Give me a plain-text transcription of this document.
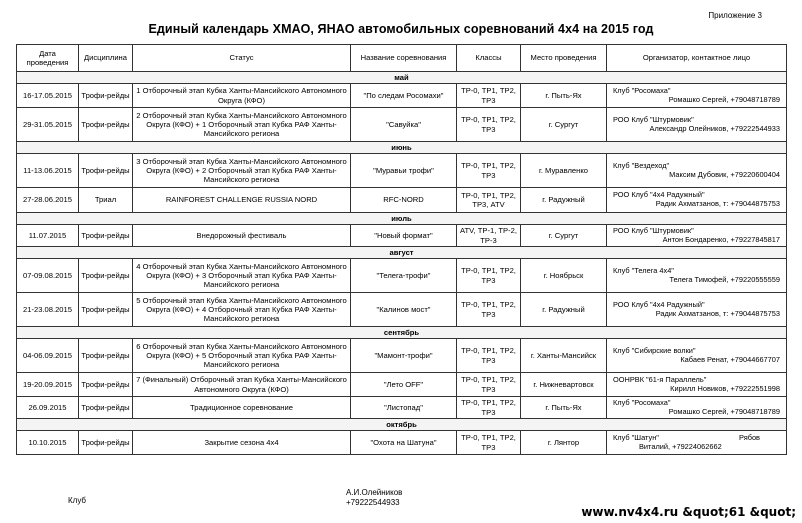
Приложение 3
Единый календарь ХМАО, ЯНАО автомобильных соревнований 4х4 на 2015 год
Дата проведения	Дисциплина	Статус	Название соревнования	Классы	Место проведения	Организатор, контактное лицо
май						
16-17.05.2015	Трофи-рейды	1 Отборочный этап Кубка Ханты-Мансийского Автономного Округа (КФО)	"По следам Росомахи"	ТР-0, ТР1, ТР2, ТР3	г. Пыть-Ях	Клуб "Росомаха"
Ромашко Сергей, +79048718789

29-31.05.2015	Трофи-рейды	2 Отборочный этап Кубка Ханты-Мансийского Автономного Округа (КФО) + 1 Отборочный этап Кубка РАФ Ханты-Мансийского региона	"Савуйка"	ТР-0, ТР1, ТР2, ТР3	г. Сургут	РОО Клуб "Штурмовик"
Александр Олейников, +79222544933

июнь						
11-13.06.2015	Трофи-рейды	3 Отборочный этап Кубка Ханты-Мансийского Автономного Округа (КФО) + 2 Отборочный этап Кубка РАФ Ханты-Мансийского региона	"Муравьи трофи"	ТР-0, ТР1, ТР2, ТР3	г. Муравленко	Клуб "Вездеход"
Максим Дубовик, +79220600404

27-28.06.2015	Триал	RAINFOREST CHALLENGE RUSSIA NORD	RFC-NORD	ТР-0, ТР1, ТР2, ТР3, ATV	г. Радужный	РОО Клуб "4х4 Радужный"
Радик Ахматзанов, т: +79044875753

июль						
11.07.2015	Трофи-рейды	Внедорожный фестиваль	"Новый формат"	ATV, ТР-1, ТР-2, ТР-3	г. Сургут	РОО Клуб "Штурмовик"
Антон Бондаренко, +79227845817

август						
07-09.08.2015	Трофи-рейды	4 Отборочный этап Кубка Ханты-Мансийского Автономного Округа (КФО) + 3 Отборочный этап Кубка РАФ Ханты-Мансийского региона	"Телега-трофи"	ТР-0, ТР1, ТР2, ТР3	г. Ноябрьск	Клуб "Телега 4х4"
Телега Тимофей, +79220555559

21-23.08.2015	Трофи-рейды	5 Отборочный этап Кубка Ханты-Мансийского Автономного Округа (КФО) + 4 Отборочный этап Кубка РАФ Ханты-Мансийского региона	"Калинов мост"	ТР-0, ТР1, ТР2, ТР3	г. Радужный	РОО Клуб "4х4 Радужный"
Радик Ахматзанов, т: +79044875753

сентябрь						
04-06.09.2015	Трофи-рейды	6 Отборочный этап Кубка Ханты-Мансийского Автономного Округа (КФО) + 5 Отборочный этап Кубка РАФ Ханты-Мансийского региона	"Мамонт-трофи"	ТР-0, ТР1, ТР2, ТР3	г. Ханты-Мансийск	Клуб "Сибирские волки"
Кабаев Ренат, +79044667707

19-20.09.2015	Трофи-рейды	7 (Финальный) Отборочный этап Кубка Ханты-Мансийского Автономного Округа (КФО)	"Лето OFF"	ТР-0, ТР1, ТР2, ТР3	г. Нижневартовск	ООНРВК "61-я Параллель"
Кирилл Новиков, +79222551998

26.09.2015	Трофи-рейды	Традиционное соревнование	"Листопад"	ТР-0, ТР1, ТР2, ТР3	г. Пыть-Ях	Клуб "Росомаха"
Ромашко Сергей, +79048718789

октябрь						
10.10.2015	Трофи-рейды	Закрытие сезона 4х4	"Охота на Шатуна"	ТР-0, ТР1, ТР2, ТР3	г. Лянтор	Клуб "Шатун" Рябов
Виталий, +79224062662
Клуб
А.И.Олейников
+79222544933
www.nv4x4.ru &quot;61 &quot;
